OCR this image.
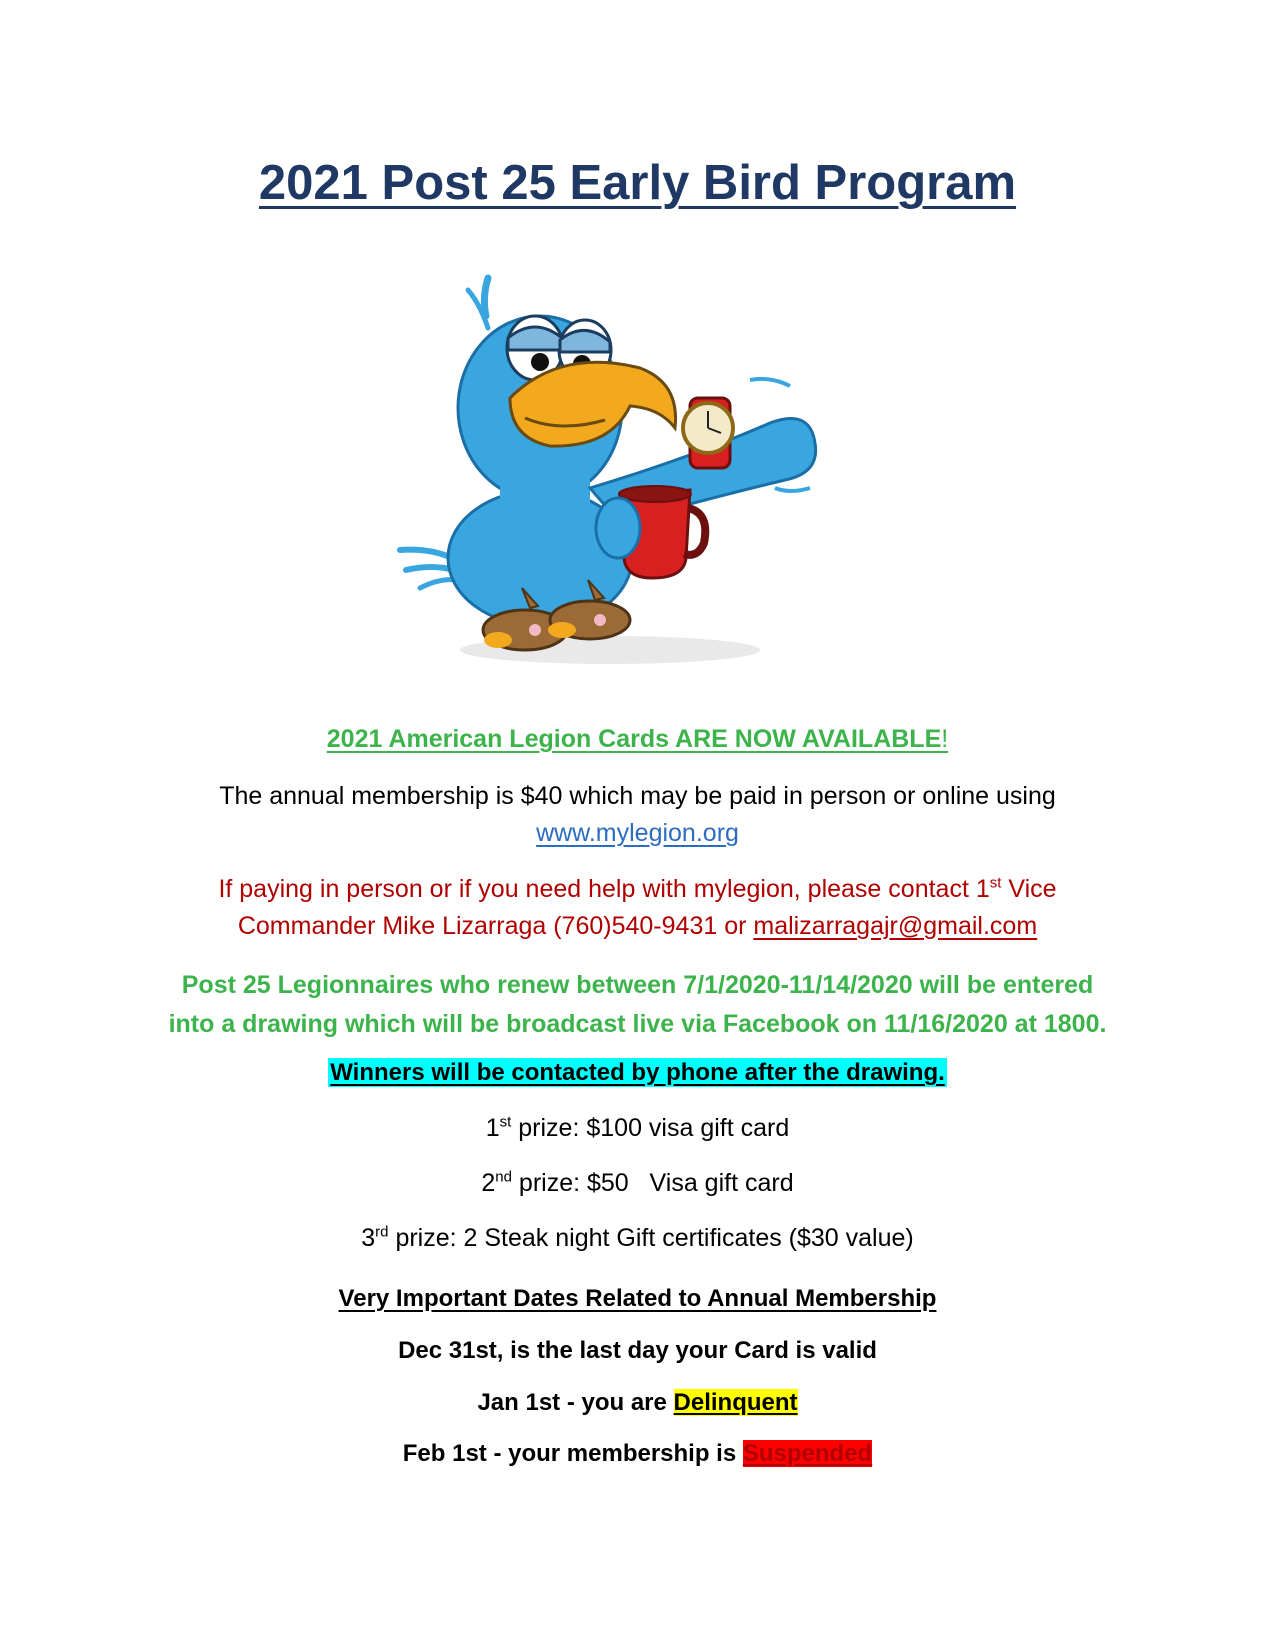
2021 Post 25 Early Bird Program
2021 American Legion Cards ARE NOW AVAILABLE!
The annual membership is $40 which may be paid in person or online using
www.mylegion.org
If paying in person or if you need help with mylegion, please contact 1st Vice
Commander Mike Lizarraga (760)540-9431 or malizarragajr@gmail.com
Post 25 Legionnaires who renew between 7/1/2020-11/14/2020 will be entered
into a drawing which will be broadcast live via Facebook on 11/16/2020 at 1800.
Winners will be contacted by phone after the drawing.
1st prize: $100 visa gift card
2nd prize: $50   Visa gift card
3rd prize: 2 Steak night Gift certificates ($30 value)
Very Important Dates Related to Annual Membership
Dec 31st, is the last day your Card is valid
Jan 1st - you are Delinquent
Feb 1st - your membership is Suspended
